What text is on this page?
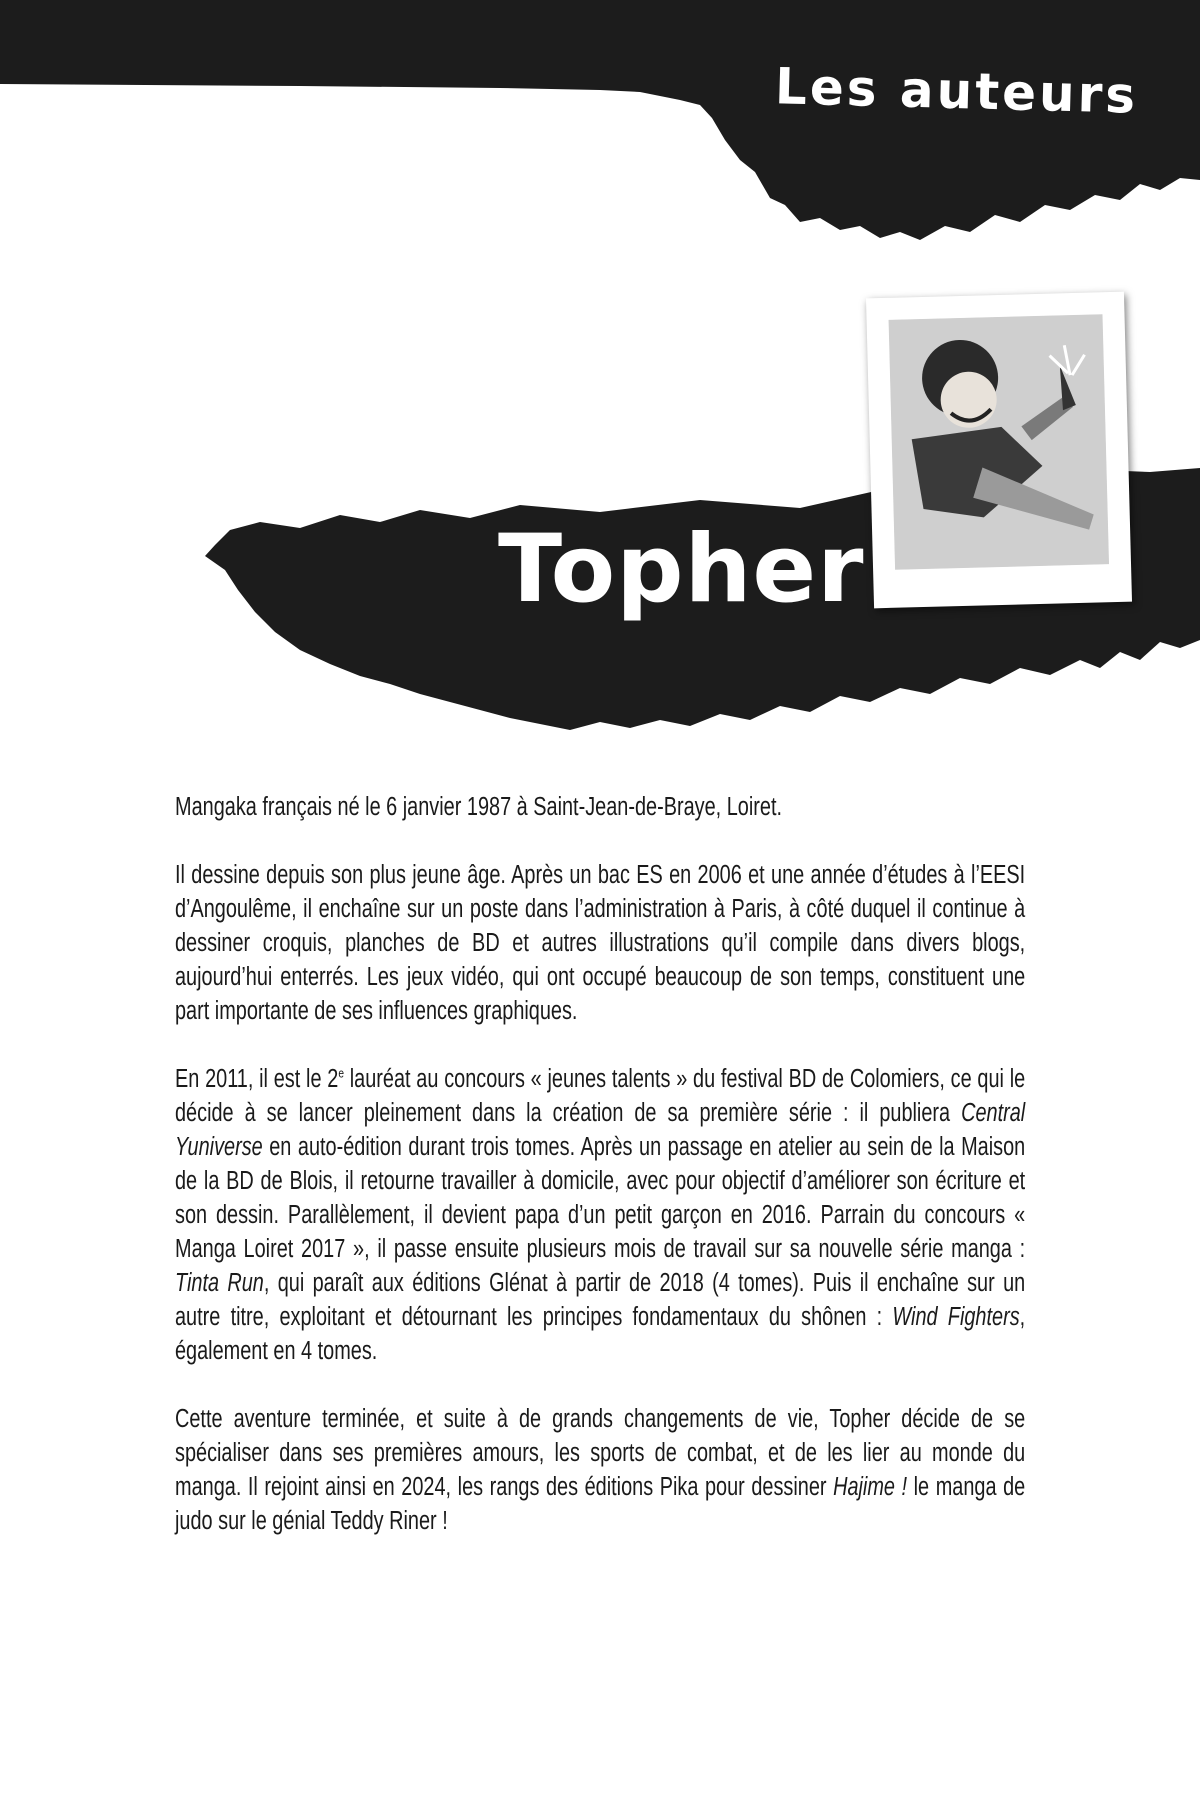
Les auteurs
Topher

Mangaka français né le 6 janvier 1987 à Saint-Jean-de-Braye, Loiret.

Il dessine depuis son plus jeune âge. Après un bac ES en 2006 et une année d’études à l’EESI d’Angoulême, il enchaîne sur un poste dans l’administration à Paris, à côté duquel il continue à dessiner croquis, planches de BD et autres illustrations qu’il compile dans divers blogs, aujourd’hui enterrés. Les jeux vidéo, qui ont occupé beaucoup de son temps, constituent une part importante de ses influences graphiques.

En 2011, il est le 2e lauréat au concours « jeunes talents » du festival BD de Colomiers, ce qui le décide à se lancer pleinement dans la création de sa première série : il publiera Central Yuniverse en auto-édition durant trois tomes. Après un passage en atelier au sein de la Maison de la BD de Blois, il retourne travailler à domicile, avec pour objectif d’améliorer son écriture et son dessin. Parallèlement, il devient papa d’un petit garçon en 2016. Parrain du concours « Manga Loiret 2017 », il passe ensuite plusieurs mois de travail sur sa nouvelle série manga : Tinta Run, qui paraît aux éditions Glénat à partir de 2018 (4 tomes). Puis il enchaîne sur un autre titre, exploitant et détournant les principes fondamentaux du shônen : Wind Fighters, également en 4 tomes.

Cette aventure terminée, et suite à de grands changements de vie, Topher décide de se spécialiser dans ses premières amours, les sports de combat, et de les lier au monde du manga. Il rejoint ainsi en 2024, les rangs des éditions Pika pour dessiner Hajime ! le manga de judo sur le génial Teddy Riner !
